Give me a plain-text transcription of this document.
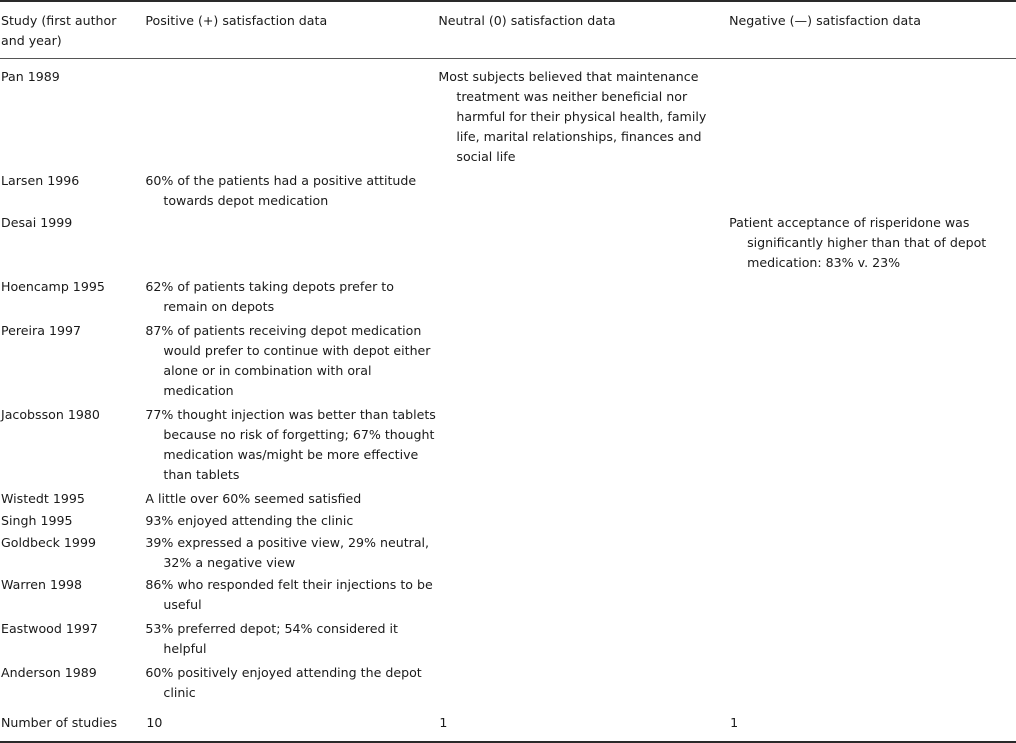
Study (first author and year)	Positive (+) satisfaction data	Neutral (0) satisfaction data	Negative (—) satisfaction data

Pan 1989		Most subjects believed that maintenance treatment was neither beneficial nor harmful for their physical health, family life, marital relationships, finances and social life	

Larsen 1996	60% of the patients had a positive attitude towards depot medication		

Desai 1999			Patient acceptance of risperidone was significantly higher than that of depot medication: 83% v. 23%

Hoencamp 1995	62% of patients taking depots prefer to remain on depots		

Pereira 1997	87% of patients receiving depot medication would prefer to continue with depot either alone or in combination with oral medication		

Jacobsson 1980	77% thought injection was better than tablets because no risk of forgetting; 67% thought medication was/might be more effective than tablets		

Wistedt 1995	A little over 60% seemed satisfied		

Singh 1995	93% enjoyed attending the clinic		

Goldbeck 1999	39% expressed a positive view, 29% neutral, 32% a negative view		

Warren 1998	86% who responded felt their injections to be useful		

Eastwood 1997	53% preferred depot; 54% considered it helpful		

Anderson 1989	60% positively enjoyed attending the depot clinic		

Number of studies	10	1	1
